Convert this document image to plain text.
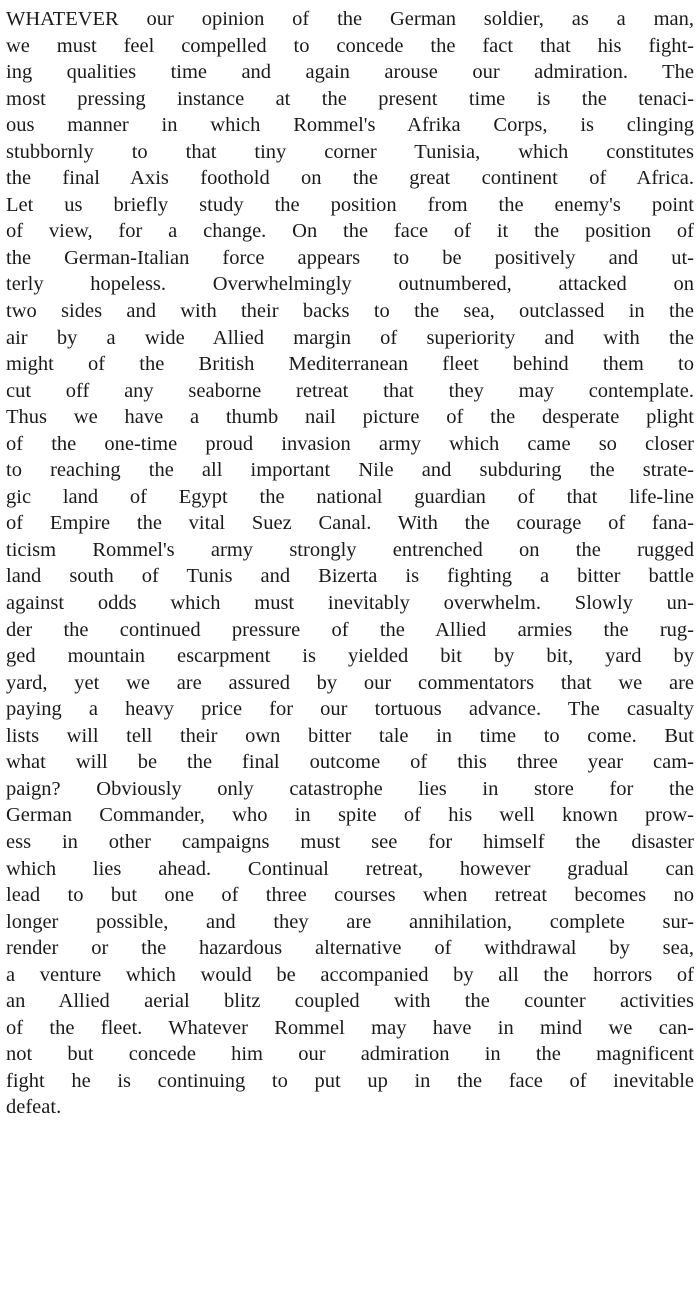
WHATEVER our opinion of the German soldier, as a man,
we must feel compelled to concede the fact that his fight-
ing qualities time and again arouse our admiration. The
most pressing instance at the present time is the tenaci-
ous manner in which Rommel's Afrika Corps, is clinging
stubbornly to that tiny corner Tunisia, which constitutes
the final Axis foothold on the great continent of Africa.
Let us briefly study the position from the enemy's point
of view, for a change. On the face of it the position of
the German-Italian force appears to be positively and ut-
terly hopeless. Overwhelmingly outnumbered, attacked on
two sides and with their backs to the sea, outclassed in the
air by a wide Allied margin of superiority and with the
might of the British Mediterranean fleet behind them to
cut off any seaborne retreat that they may contemplate.
Thus we have a thumb nail picture of the desperate plight
of the one-time proud invasion army which came so closer
to reaching the all important Nile and subduring the strate-
gic land of Egypt the national guardian of that life-line
of Empire the vital Suez Canal. With the courage of fana-
ticism Rommel's army strongly entrenched on the rugged
land south of Tunis and Bizerta is fighting a bitter battle
against odds which must inevitably overwhelm. Slowly un-
der the continued pressure of the Allied armies the rug-
ged mountain escarpment is yielded bit by bit, yard by
yard, yet we are assured by our commentators that we are
paying a heavy price for our tortuous advance. The casualty
lists will tell their own bitter tale in time to come. But
what will be the final outcome of this three year cam-
paign? Obviously only catastrophe lies in store for the
German Commander, who in spite of his well known prow-
ess in other campaigns must see for himself the disaster
which lies ahead. Continual retreat, however gradual can
lead to but one of three courses when retreat becomes no
longer possible, and they are annihilation, complete sur-
render or the hazardous alternative of withdrawal by sea,
a venture which would be accompanied by all the horrors of
an Allied aerial blitz coupled with the counter activities
of the fleet. Whatever Rommel may have in mind we can-
not but concede him our admiration in the magnificent
fight he is continuing to put up in the face of inevitable
defeat.
